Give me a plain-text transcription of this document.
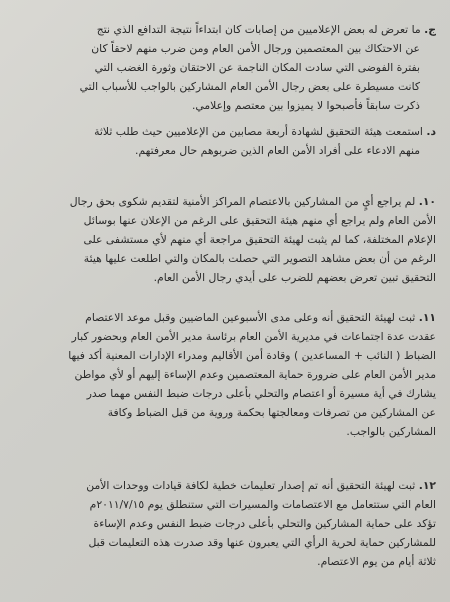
ج. ما تعرض له بعض الإعلاميين من إصابات كان ابتداءاً نتيجة التدافع الذي نتج
عن الاحتكاك بين المعتصمين ورجال الأمن العام ومن ضرب منهم لاحقاً كان
بفترة الفوضى التي سادت المكان الناجمة عن الاحتقان وثورة الغضب التي
كانت مسيطرة على بعض رجال الأمن العام المشاركين بالواجب للأسباب التي
ذكرت سابقاً فأصبحوا لا يميزوا بين معتصم وإعلامي.
د. استمعت هيئة التحقيق لشهادة أربعة مصابين من الإعلاميين حيث طلب ثلاثة
منهم الادعاء على أفراد الأمن العام الذين ضربوهم حال معرفتهم.
١٠. لم يراجع أيٍ من المشاركين بالاعتصام المراكز الأمنية لتقديم شكوى بحق رجال
الأمن العام ولم يراجع أي منهم هيئة التحقيق على الرغم من الإعلان عنها بوسائل
الإعلام المختلفة، كما لم يثبت لهيئة التحقيق مراجعة أي منهم لأي مستشفى على
الرغم من أن بعض مشاهد التصوير التي حصلت بالمكان والتي اطلعت عليها هيئة
التحقيق تبين تعرض بعضهم للضرب على أيدي رجال الأمن العام.
١١. ثبت لهيئة التحقيق أنه وعلى مدى الأسبوعين الماضيين وقبل موعد الاعتصام
عقدت عدة اجتماعات في مديرية الأمن العام برئاسة مدير الأمن العام وبحضور كبار
الضباط ( النائب + المساعدين ) وقادة أمن الأقاليم ومدراء الإدارات المعنية أكد فيها
مدير الأمن العام على ضرورة حماية المعتصمين وعدم الإساءة إليهم أو لأي مواطن
يشارك في أية مسيرة أو اعتصام والتحلي بأعلى درجات ضبط النفس مهما صدر
عن المشاركين من تصرفات ومعالجتها بحكمة وروية من قبل الضباط وكافة
المشاركين بالواجب.
١٢. ثبت لهيئة التحقيق أنه تم إصدار تعليمات خطية لكافة قيادات ووحدات الأمن
العام التي ستتعامل مع الاعتصامات والمسيرات التي ستنطلق يوم ٢٠١١/٧/١٥م
تؤكد على حماية المشاركين والتحلي بأعلى درجات ضبط النفس وعدم الإساءة
للمشاركين حماية لحرية الرأي التي يعبرون عنها وقد صدرت هذه التعليمات قبل
ثلاثة أيام من يوم الاعتصام.
